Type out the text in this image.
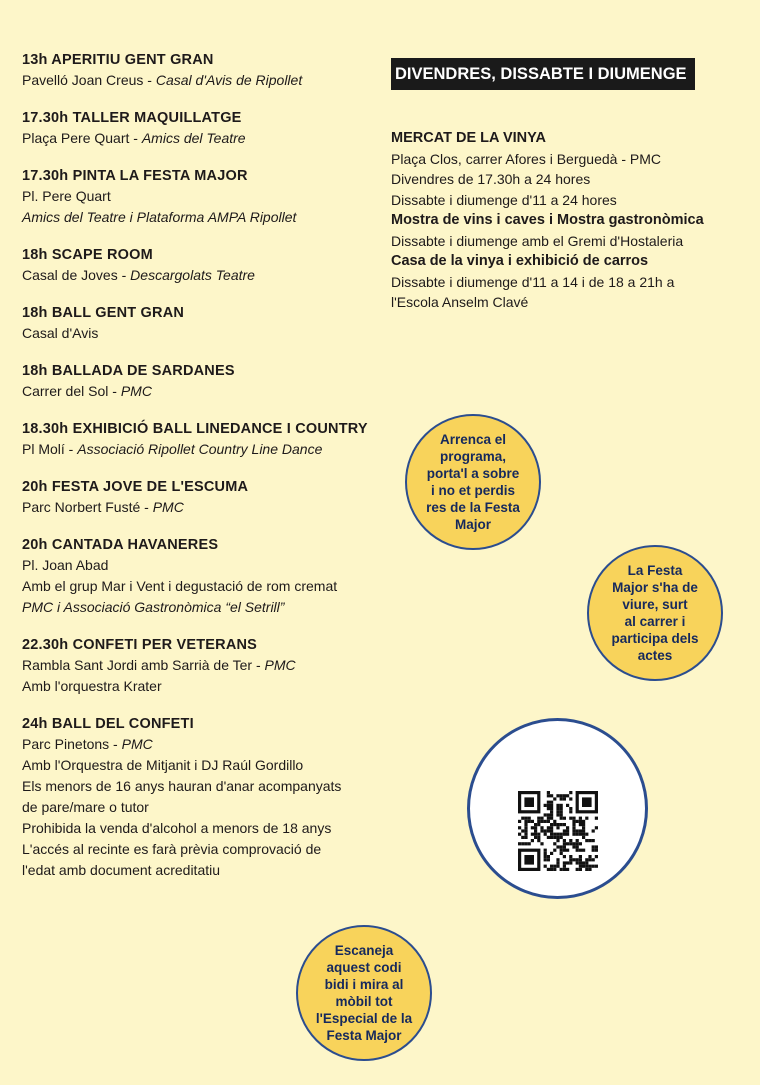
13h APERITIU GENT GRAN
Pavelló Joan Creus - Casal d'Avis de Ripollet
17.30h TALLER MAQUILLATGE
Plaça Pere Quart - Amics del Teatre
17.30h PINTA LA FESTA MAJOR
Pl. Pere Quart
Amics del Teatre i Plataforma AMPA Ripollet
18h SCAPE ROOM
Casal de Joves - Descargolats Teatre
18h BALL GENT GRAN
Casal d'Avis
18h BALLADA DE SARDANES
Carrer del Sol - PMC
18.30h EXHIBICIÓ BALL LINEDANCE I COUNTRY
Pl Molí - Associació Ripollet Country Line Dance
20h FESTA JOVE DE L'ESCUMA
Parc Norbert Fusté - PMC
20h CANTADA HAVANERES
Pl. Joan Abad
Amb el grup Mar i Vent i degustació de rom cremat
PMC i Associació Gastronòmica “el Setrill”
22.30h CONFETI PER VETERANS
Rambla Sant Jordi amb Sarrià de Ter - PMC
Amb l'orquestra Krater
24h BALL DEL CONFETI
Parc Pinetons - PMC
Amb l'Orquestra de Mitjanit i DJ Raúl Gordillo
Els menors de 16 anys hauran d'anar acompanyats
de pare/mare o tutor
Prohibida la venda d'alcohol a menors de 18 anys
L'accés al recinte es farà prèvia comprovació de
l'edat amb document acreditatiu
DIVENDRES, DISSABTE I DIUMENGE
MERCAT DE LA VINYA
Plaça Clos, carrer Afores i Berguedà - PMC
Divendres de 17.30h a 24 hores
Dissabte i diumenge d'11 a 24 hores
Mostra de vins i caves i Mostra gastronòmica
Dissabte i diumenge amb el Gremi d'Hostaleria
Casa de la vinya i exhibició de carros
Dissabte i diumenge d'11 a 14 i de 18 a 21h a
l'Escola Anselm Clavé
Arrenca el
programa,
porta'l a sobre
i no et perdis
res de la Festa
Major
La Festa
Major s'ha de
viure, surt
al carrer i
participa dels
actes
Escaneja
aquest codi
bidi i mira al
mòbil tot
l'Especial de la
Festa Major
